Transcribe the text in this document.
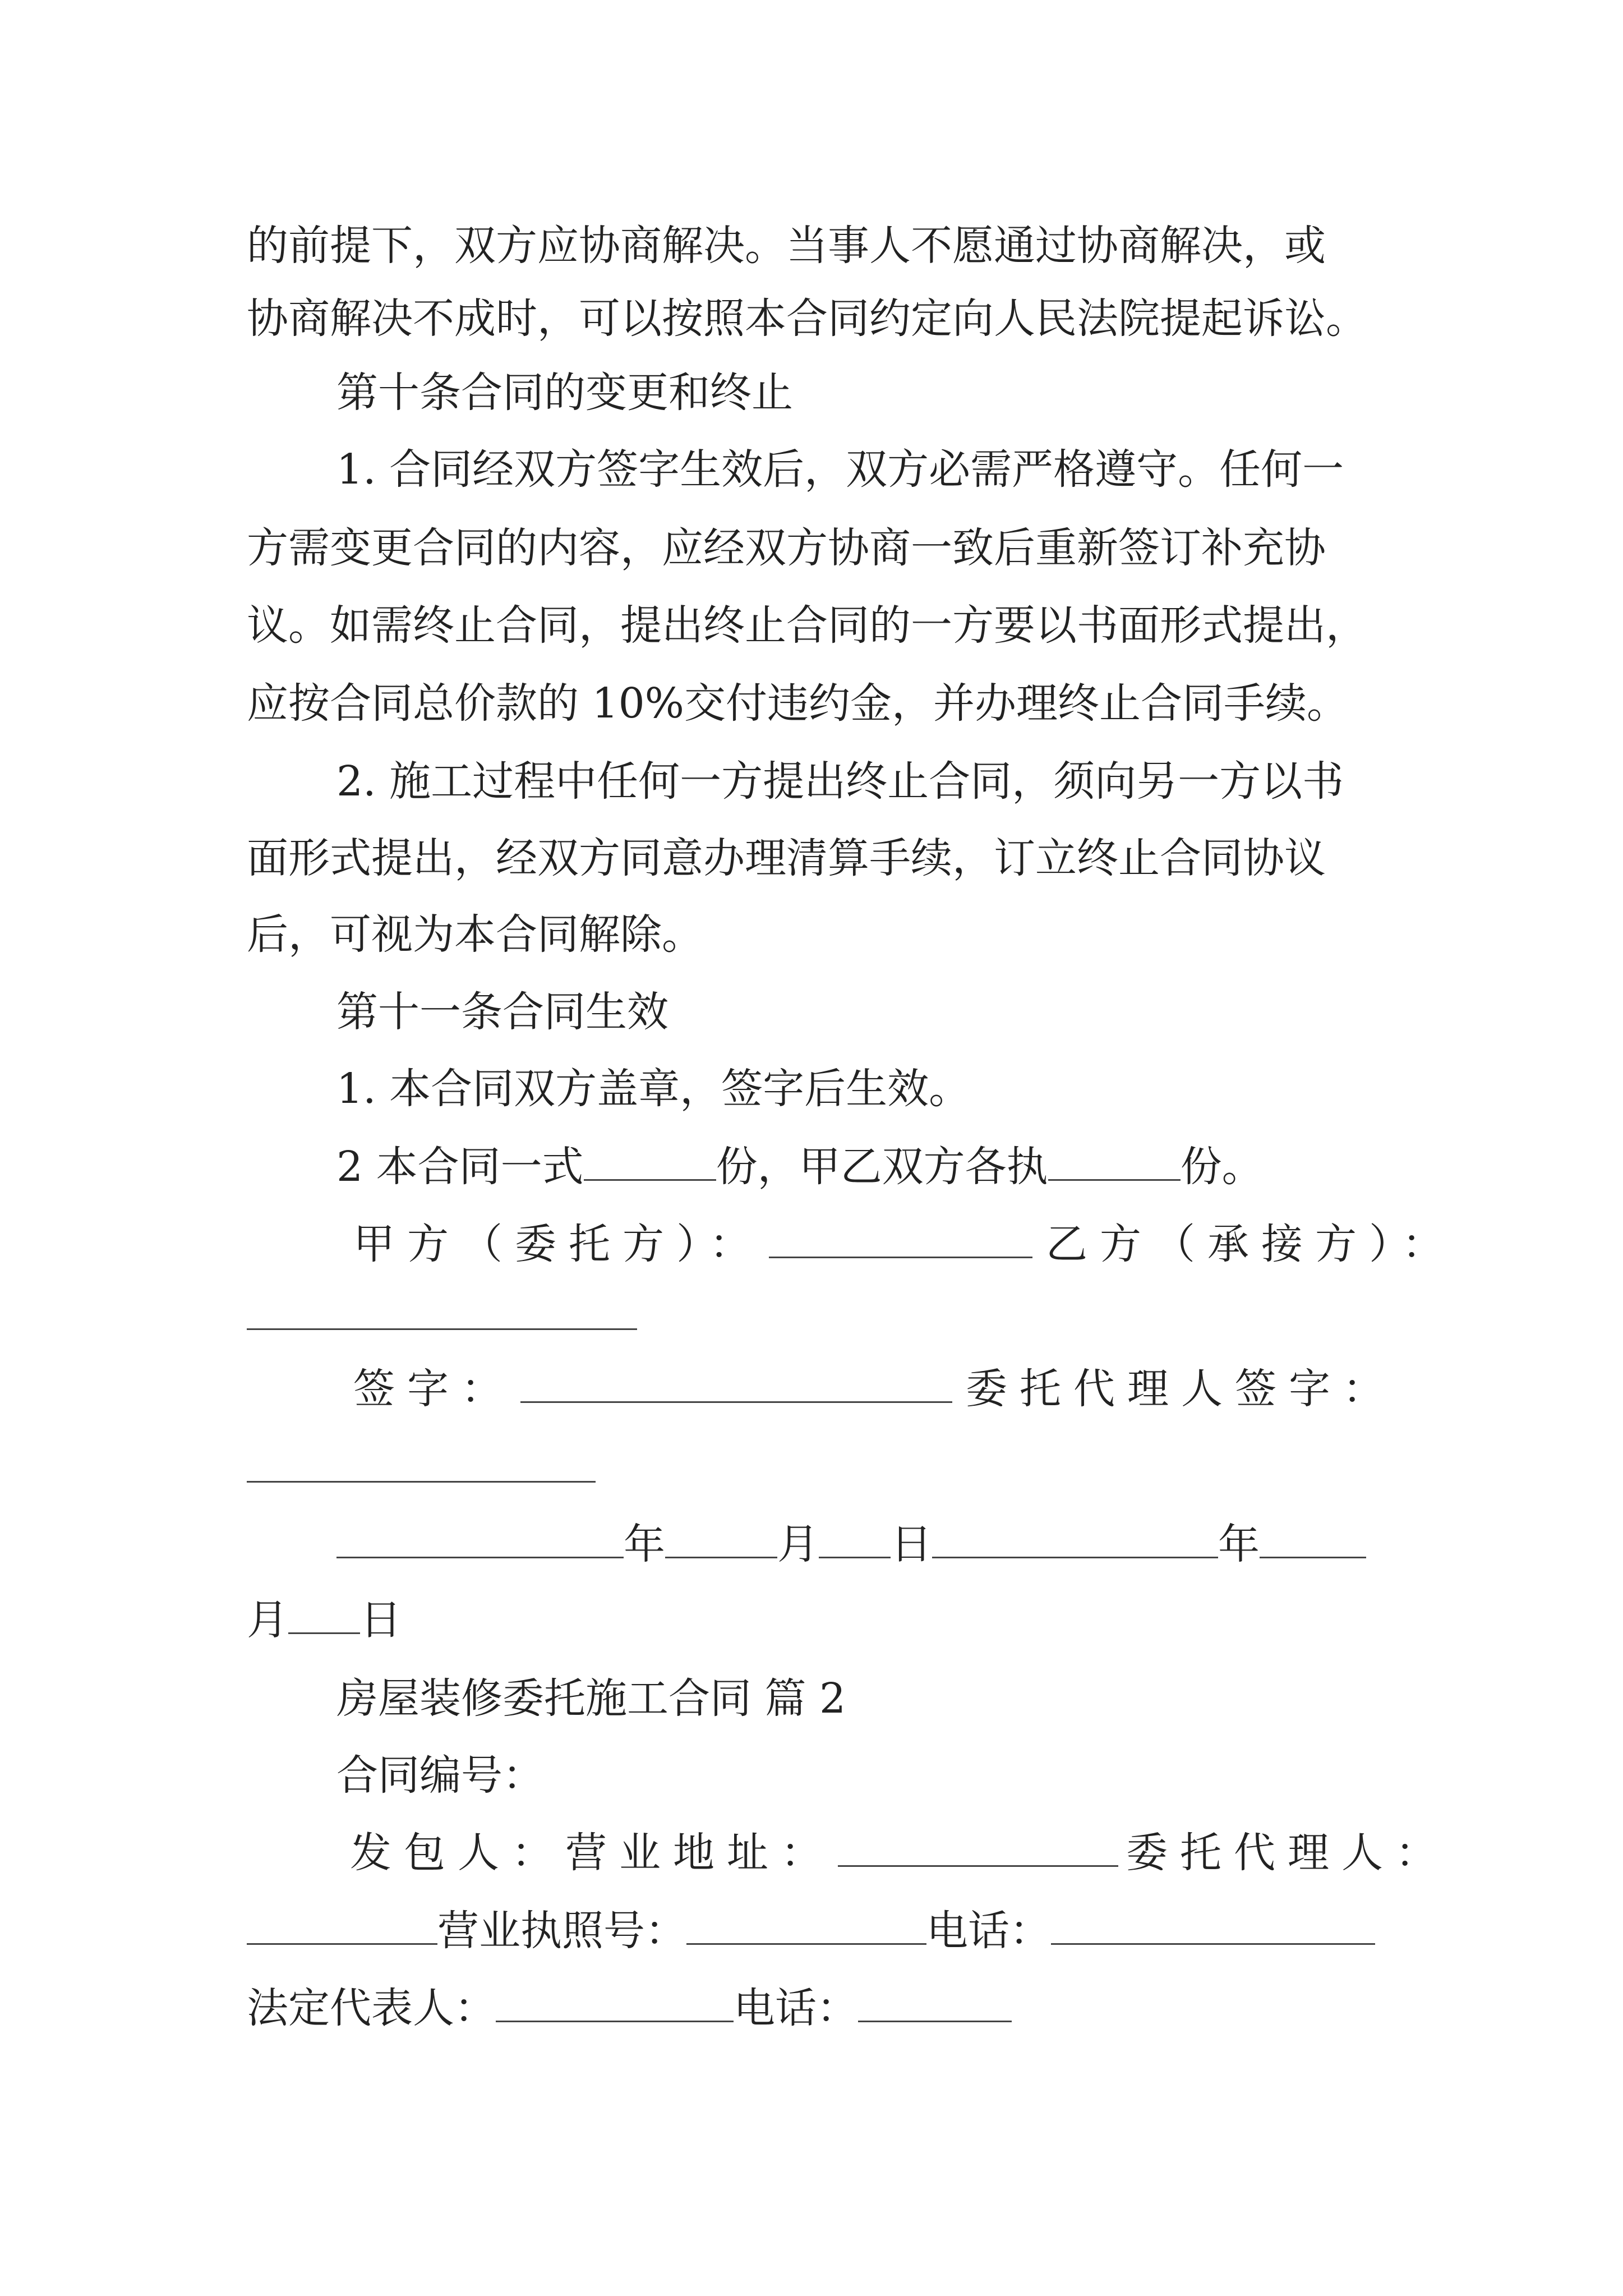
的前提下，双方应协商解决。当事人不愿通过协商解决，或
协商解决不成时，可以按照本合同约定向人民法院提起诉讼。
第十条合同的变更和终止
1. 合同经双方签字生效后，双方必需严格遵守。任何一
方需变更合同的内容，应经双方协商一致后重新签订补充协
议。如需终止合同，提出终止合同的一方要以书面形式提出，
应按合同总价款的 10%交付违约金，并办理终止合同手续。
2. 施工过程中任何一方提出终止合同，须向另一方以书
面形式提出，经双方同意办理清算手续，订立终止合同协议
后，可视为本合同解除。
第十一条合同生效
1. 本合同双方盖章，签字后生效。
2 本合同一式	份，甲乙双方各执	份。
甲方（委托方）：	乙方（承接方）：
签字：	委托代理人签字：
年	月 日	年
月 日
房屋装修委托施工合同 篇 2
合同编号：
发包人：营业地址：	委托代理人：
营业执照号：	电话：
法定代表人：	电话：
